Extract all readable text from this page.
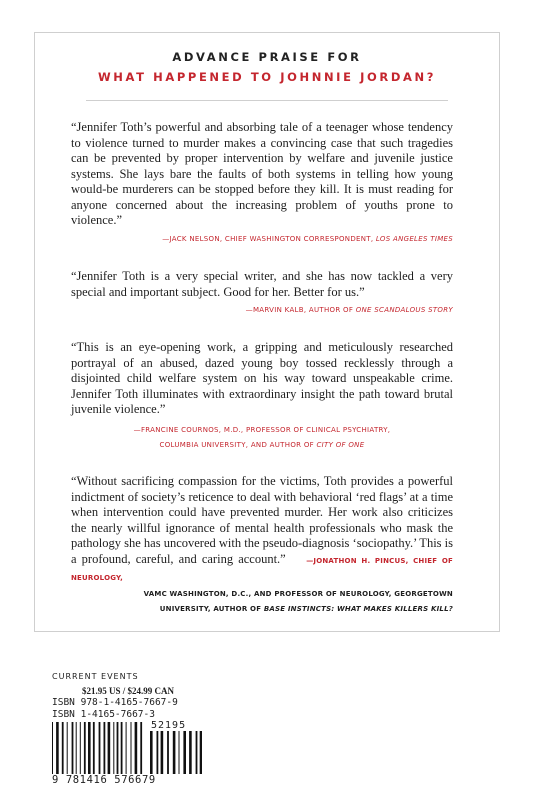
ADVANCE PRAISE FOR
WHAT HAPPENED TO JOHNNIE JORDAN?

“Jennifer Toth’s powerful and absorbing tale of a teenager whose tendency to violence turned to murder makes a convincing case that such tragedies can be prevented by proper intervention by welfare and juvenile justice systems. She lays bare the faults of both systems in telling how young would-be murderers can be stopped before they kill. It is must reading for anyone concerned about the increasing problem of youths prone to violence.”

—JACK NELSON, CHIEF WASHINGTON CORRESPONDENT, LOS ANGELES TIMES

“Jennifer Toth is a very special writer, and she has now tackled a very special and important subject. Good for her. Better for us.”

—MARVIN KALB, AUTHOR OF ONE SCANDALOUS STORY

“This is an eye-opening work, a gripping and meticulously researched portrayal of an abused, dazed young boy tossed recklessly through a disjointed child welfare system on his way toward unspeakable crime. Jennifer Toth illuminates with extraordinary insight the path toward brutal juvenile violence.”

—FRANCINE COURNOS, M.D., PROFESSOR OF CLINICAL PSYCHIATRY,
COLUMBIA UNIVERSITY, AND AUTHOR OF CITY OF ONE

“Without sacrificing compassion for the victims, Toth provides a powerful indictment of society’s reticence to deal with behavioral ‘red flags’ at a time when intervention could have prevented murder. Her work also criticizes the nearly willful ignorance of mental health professionals who mask the pathology she has uncovered with the pseudo-diagnosis ‘sociopathy.’ This is a profound, careful, and caring account.”	—JONATHON H. PINCUS, CHIEF OF NEUROLOGY,

VAMC WASHINGTON, D.C., AND PROFESSOR OF NEUROLOGY, GEORGETOWN
UNIVERSITY, AUTHOR OF BASE INSTINCTS: WHAT MAKES KILLERS KILL?
CURRENT EVENTS
$21.95 US / $24.99 CAN
ISBN 978-1-4165-7667-9
ISBN 1-4165-7667-3
52195
9 781416 576679
